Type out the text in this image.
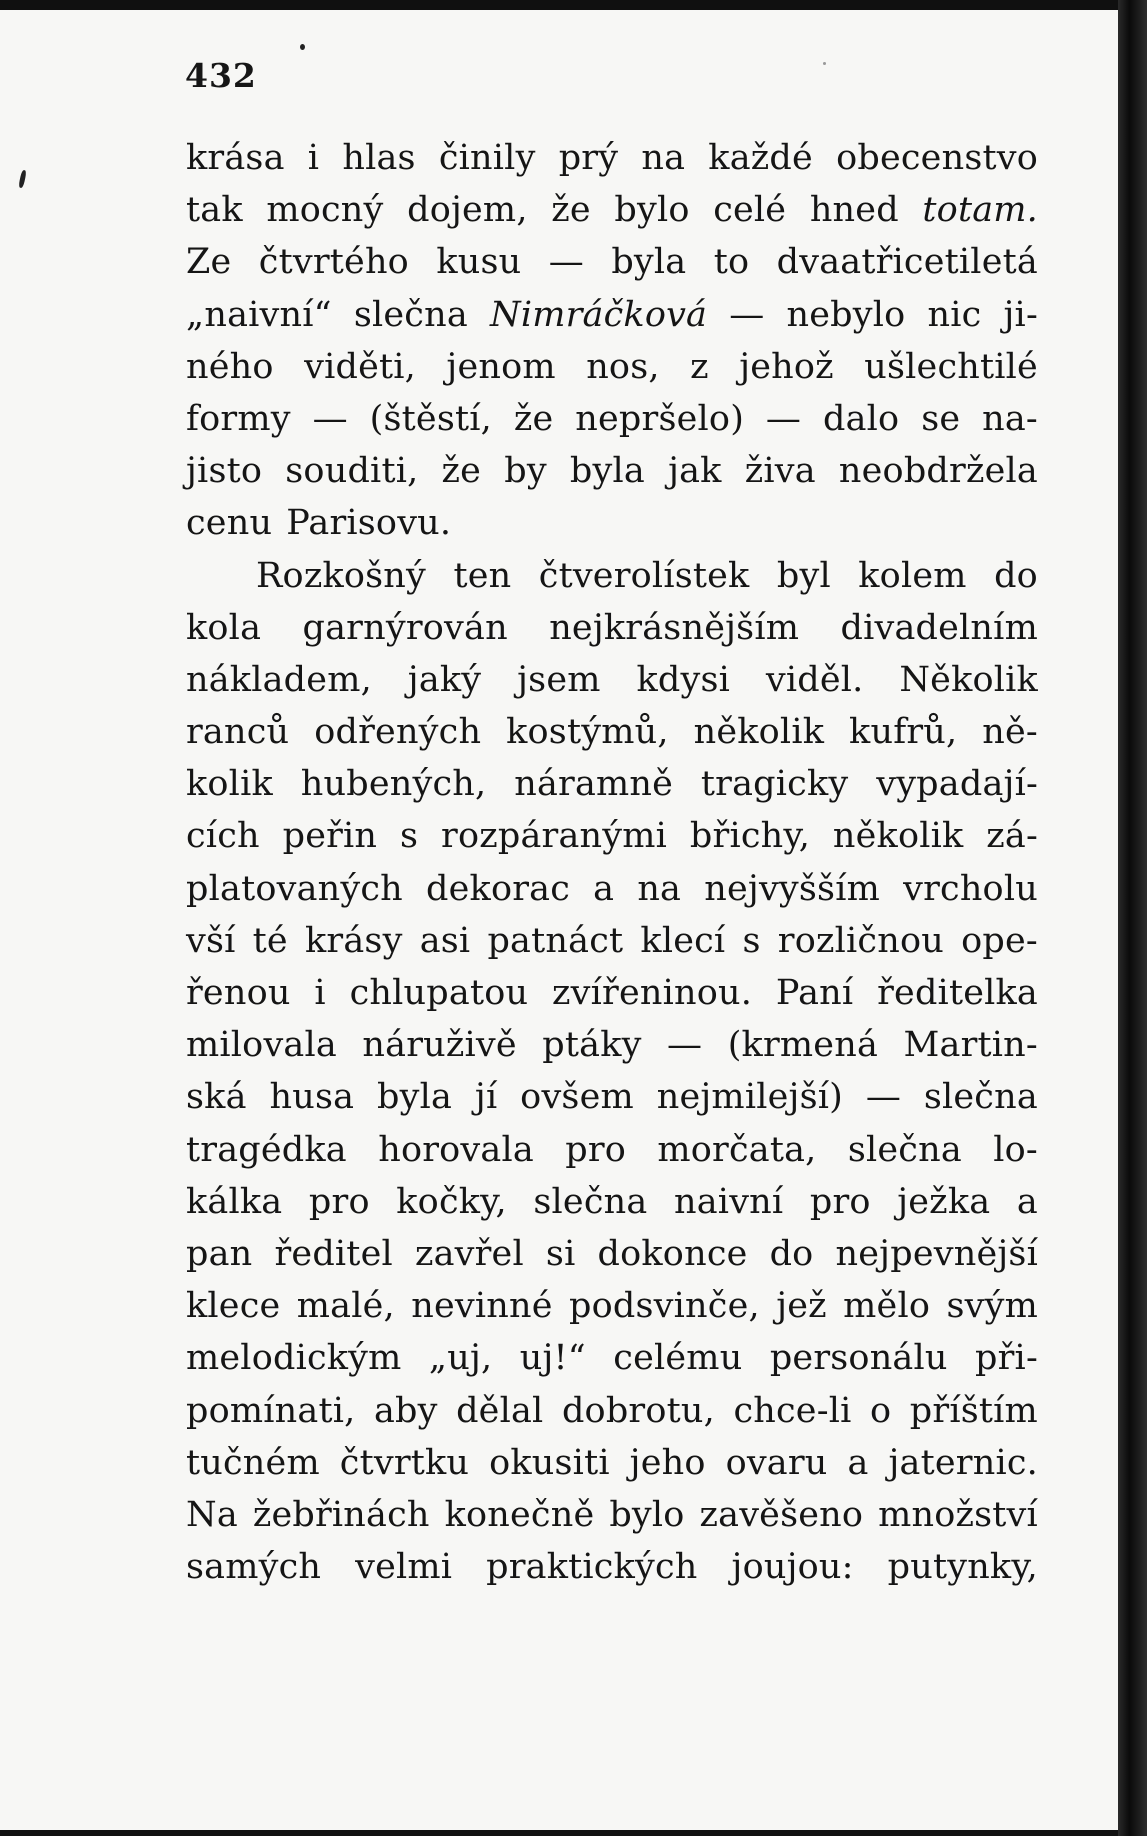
432
krása i hlas činily prý na každé obecenstvo
tak mocný dojem, že bylo celé hned totam.
Ze čtvrtého kusu — byla to dvaatřicetiletá
„naivní“ slečna Nimráčková — nebylo nic ji-
ného viděti, jenom nos, z jehož ušlechtilé
formy — (štěstí, že nepršelo) — dalo se na-
jisto souditi, že by byla jak živa neobdržela
cenu Parisovu.
Rozkošný ten čtverolístek byl kolem do
kola garnýrován nejkrásnějším divadelním
nákladem, jaký jsem kdysi viděl. Několik
ranců odřených kostýmů, několik kufrů, ně-
kolik hubených, náramně tragicky vypadají-
cích peřin s rozpáranými břichy, několik zá-
platovaných dekorac a na nejvyšším vrcholu
vší té krásy asi patnáct klecí s rozličnou ope-
řenou i chlupatou zvířeninou. Paní ředitelka
milovala náruživě ptáky — (krmená Martin-
ská husa byla jí ovšem nejmilejší) — slečna
tragédka horovala pro morčata, slečna lo-
kálka pro kočky, slečna naivní pro ježka a
pan ředitel zavřel si dokonce do nejpevnější
klece malé, nevinné podsvinče, jež mělo svým
melodickým „uj, uj!“ celému personálu při-
pomínati, aby dělal dobrotu, chce-li o příštím
tučném čtvrtku okusiti jeho ovaru a jaternic.
Na žebřinách konečně bylo zavěšeno množství
samých velmi praktických joujou: putynky,
